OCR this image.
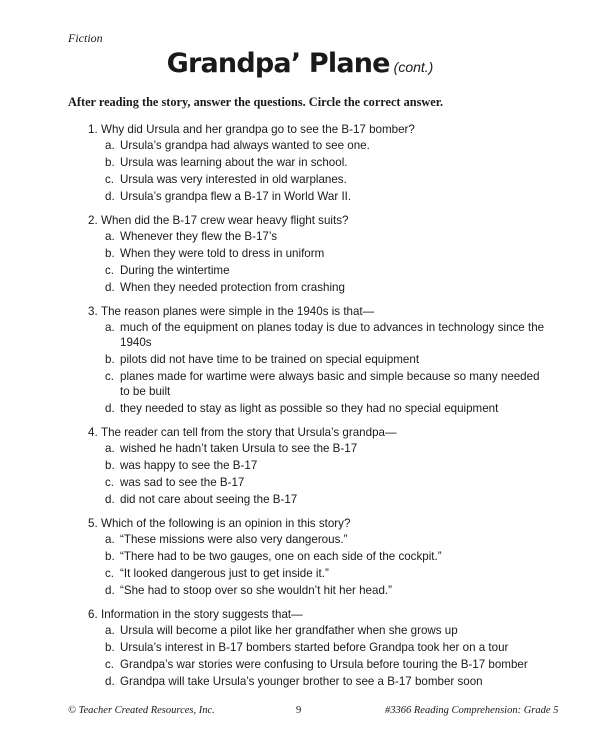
Fiction
Grandpa’ Plane (cont.)
After reading the story, answer the questions. Circle the correct answer.
1. Why did Ursula and her grandpa go to see the B-17 bomber?
a. Ursula’s grandpa had always wanted to see one.
b. Ursula was learning about the war in school.
c. Ursula was very interested in old warplanes.
d. Ursula’s grandpa flew a B-17 in World War II.
2. When did the B-17 crew wear heavy flight suits?
a. Whenever they flew the B-17’s
b. When they were told to dress in uniform
c. During the wintertime
d. When they needed protection from crashing
3. The reason planes were simple in the 1940s is that—
a. much of the equipment on planes today is due to advances in technology since the 1940s
b. pilots did not have time to be trained on special equipment
c. planes made for wartime were always basic and simple because so many needed to be built
d. they needed to stay as light as possible so they had no special equipment
4. The reader can tell from the story that Ursula’s grandpa—
a. wished he hadn’t taken Ursula to see the B-17
b. was happy to see the B-17
c. was sad to see the B-17
d. did not care about seeing the B-17
5. Which of the following is an opinion in this story?
a. “These missions were also very dangerous.”
b. “There had to be two gauges, one on each side of the cockpit.”
c. “It looked dangerous just to get inside it.”
d. “She had to stoop over so she wouldn’t hit her head.”
6. Information in the story suggests that—
a. Ursula will become a pilot like her grandfather when she grows up
b. Ursula’s interest in B-17 bombers started before Grandpa took her on a tour
c. Grandpa’s war stories were confusing to Ursula before touring the B-17 bomber
d. Grandpa will take Ursula’s younger brother to see a B-17 bomber soon
© Teacher Created Resources, Inc.	9	#3366 Reading Comprehension: Grade 5
